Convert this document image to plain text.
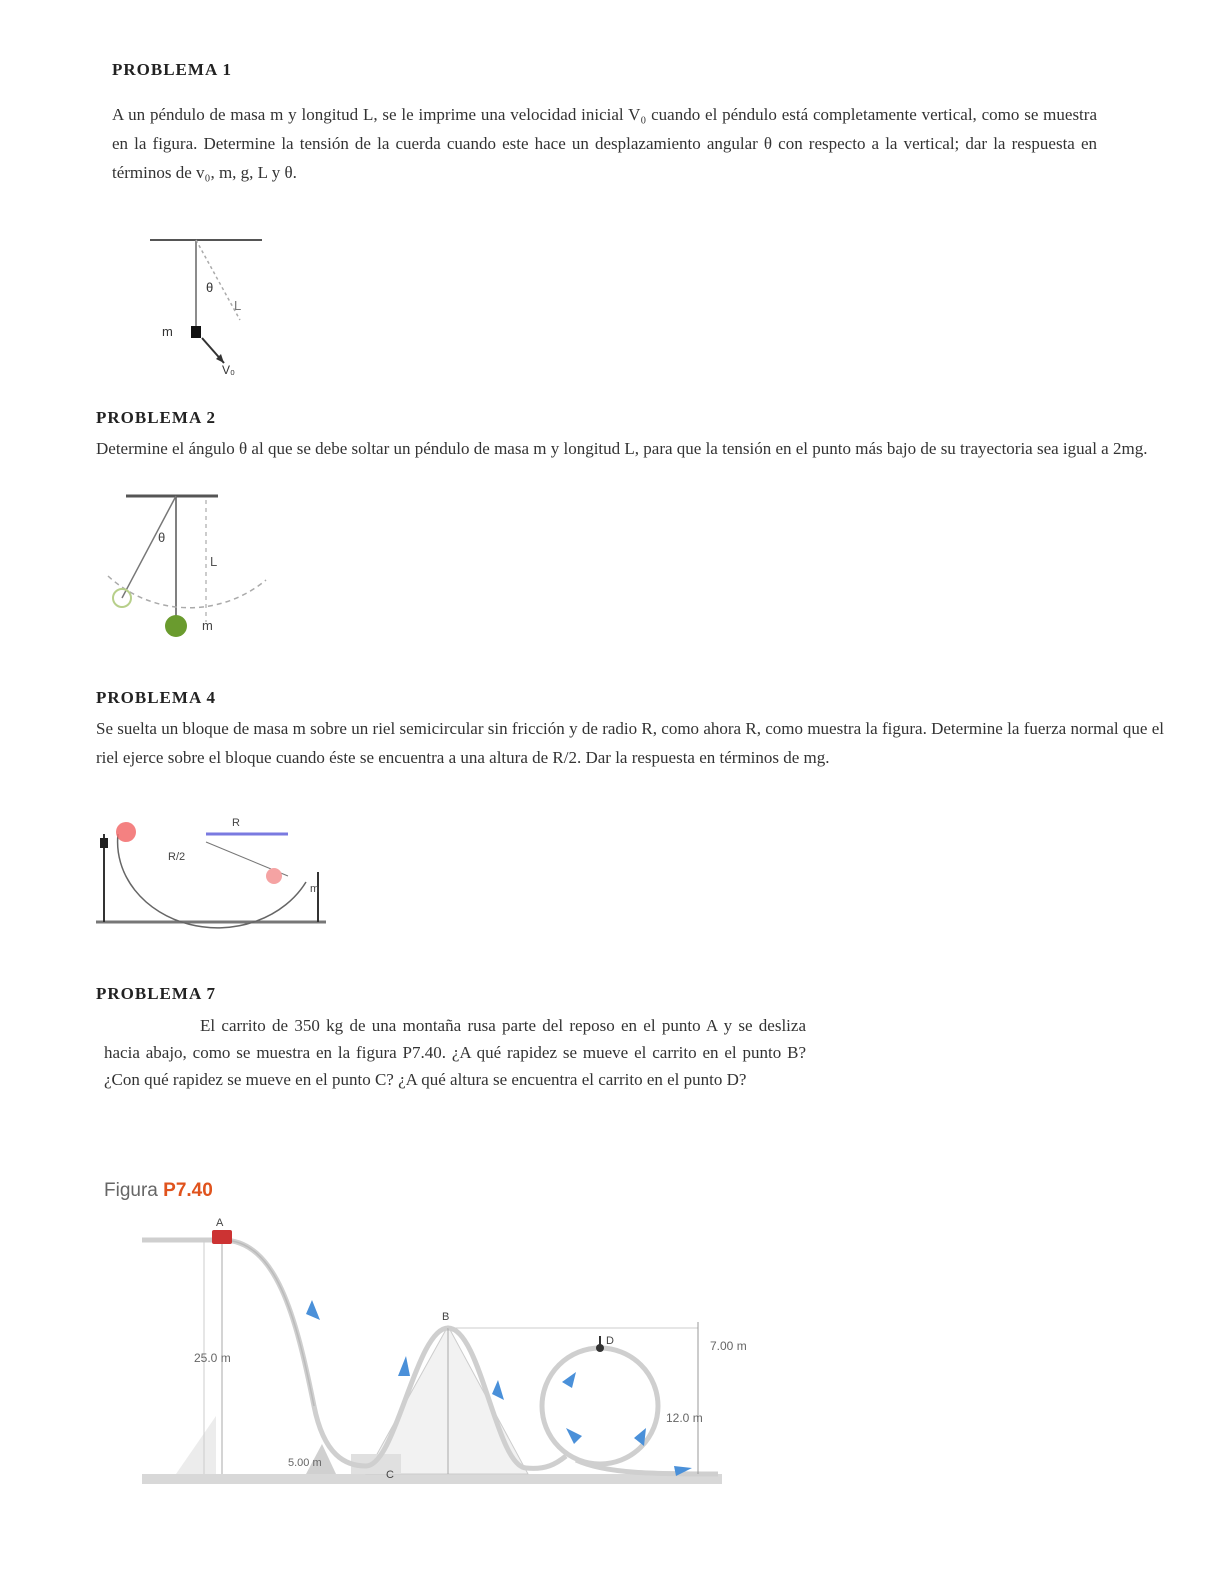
PROBLEMA 1
A un péndulo de masa m y longitud L, se le imprime una velocidad inicial V₀ cuando el péndulo está completamente vertical, como se muestra en la figura. Determine la tensión de la cuerda cuando este hace un desplazamiento angular θ con respecto a la vertical; dar la respuesta en términos de v₀, m, g, L y θ.
θ
L
m
V₀
PROBLEMA 2
Determine el ángulo θ al que se debe soltar un péndulo de masa m y longitud L, para que la tensión en el punto más bajo de su trayectoria sea igual a 2mg.
θ
L
m
PROBLEMA 4
Se suelta un bloque de masa m sobre un riel semicircular sin fricción y de radio R, como ahora R, como muestra la figura. Determine la fuerza normal que el riel ejerce sobre el bloque cuando éste se encuentra a una altura de R/2. Dar la respuesta en términos de mg.
R
R/2
m
PROBLEMA 7
El carrito de 350 kg de una montaña rusa parte del reposo en el punto A y se desliza hacia abajo, como se muestra en la figura P7.40. ¿A qué rapidez se mueve el carrito en el punto B? ¿Con qué rapidez se mueve en el punto C? ¿A qué altura se encuentra el carrito en el punto D?
Figura P7.40
A
B
C
D
25.0 m
5.00 m
12.0 m
7.00 m
